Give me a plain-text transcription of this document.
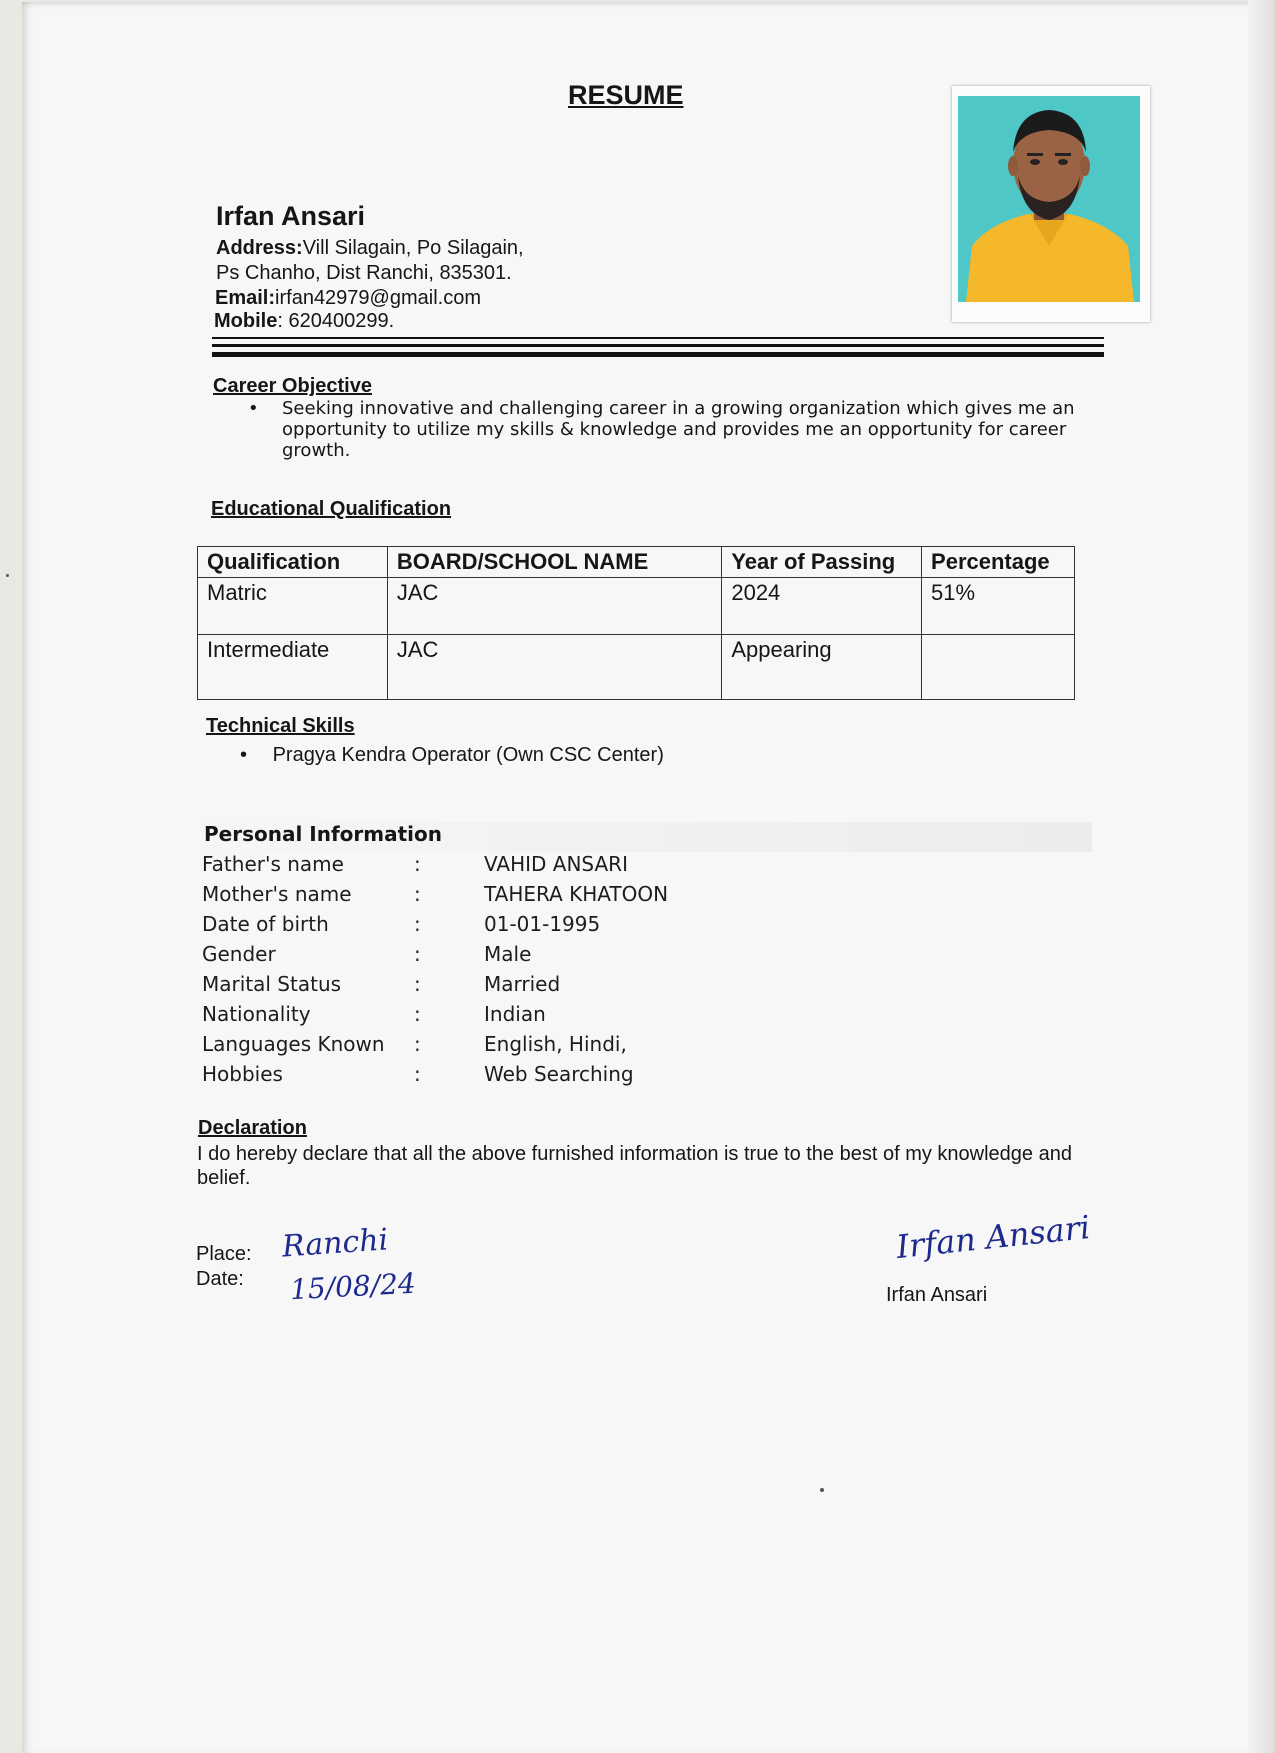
RESUME
Irfan Ansari
Address:Vill Silagain, Po Silagain,
Ps Chanho, Dist Ranchi, 835301.
Email:irfan42979@gmail.com
Mobile: 620400299.
Career Objective
• Seeking innovative and challenging career in a growing organization which gives me an opportunity to utilize my skills & knowledge and provides me an opportunity for career growth.
Educational Qualification
Qualification	BOARD/SCHOOL NAME	Year of Passing	Percentage
Matric	JAC	2024	51%
Intermediate	JAC	Appearing	
Technical Skills
• Pragya Kendra Operator (Own CSC Center)
Personal Information
Father's name	:	VAHID ANSARI
Mother's name	:	TAHERA KHATOON
Date of birth	:	01-01-1995
Gender	:	Male
Marital Status	:	Married
Nationality	:	Indian
Languages Known :	English, Hindi,
Hobbies	:	Web Searching
Declaration
I do hereby declare that all the above furnished information is true to the best of my knowledge and belief.
Place:
Date:
Ranchi
15/08/24
Irfan Ansari
Irfan Ansari
